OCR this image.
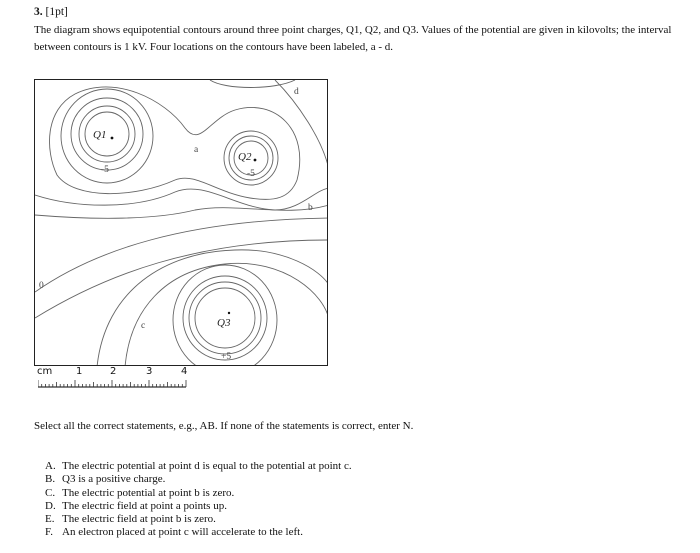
3. [1pt]
The diagram shows equipotential contours around three point charges, Q1, Q2, and Q3. Values of the potential are given in kilovolts; the interval between contours is 1 kV. Four locations on the contours have been labeled, a - d.
Q1
Q2
Q3
-5	-5
+5
0
a
b
c
d
cm 1	2	3	4
Select all the correct statements, e.g., AB. If none of the statements is correct, enter N.
A. The electric potential at point d is equal to the potential at point c.
B. Q3 is a positive charge.
C. The electric potential at point b is zero.
D. The electric field at point a points up.
E. The electric field at point b is zero.
F. An electron placed at point c will accelerate to the left.
